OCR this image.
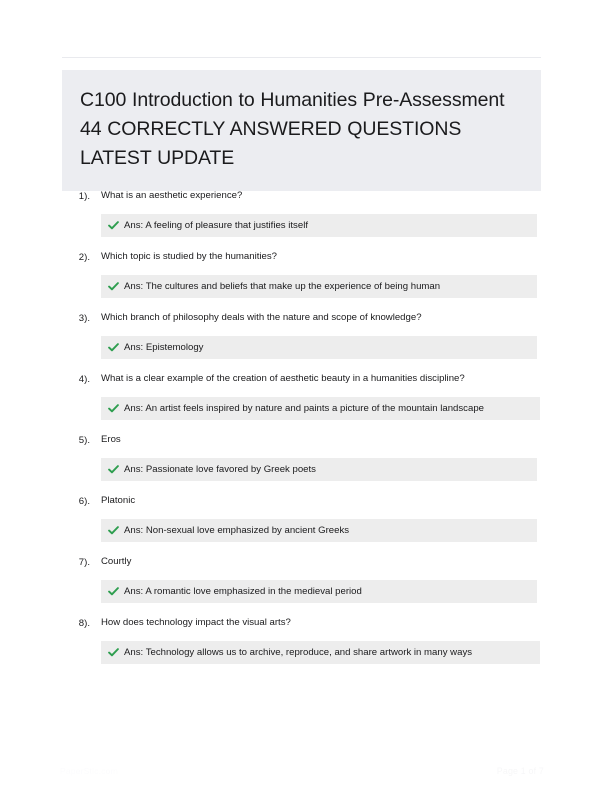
C100 Introduction to Humanities Pre-Assessment 44 CORRECTLY ANSWERED QUESTIONS LATEST UPDATE
1). What is an aesthetic experience?
Ans: A feeling of pleasure that justifies itself
2). Which topic is studied by the humanities?
Ans: The cultures and beliefs that make up the experience of being human
3). Which branch of philosophy deals with the nature and scope of knowledge?
Ans: Epistemology
4). What is a clear example of the creation of aesthetic beauty in a humanities discipline?
Ans: An artist feels inspired by nature and paints a picture of the mountain landscape
5). Eros
Ans: Passionate love favored by Greek poets
6). Platonic
Ans: Non-sexual love emphasized by ancient Greeks
7). Courtly
Ans: A romantic love emphasized in the medieval period
8). How does technology impact the visual arts?
Ans: Technology allows us to archive, reproduce, and share artwork in many ways
PaperStic.com	Page 1 of 7
